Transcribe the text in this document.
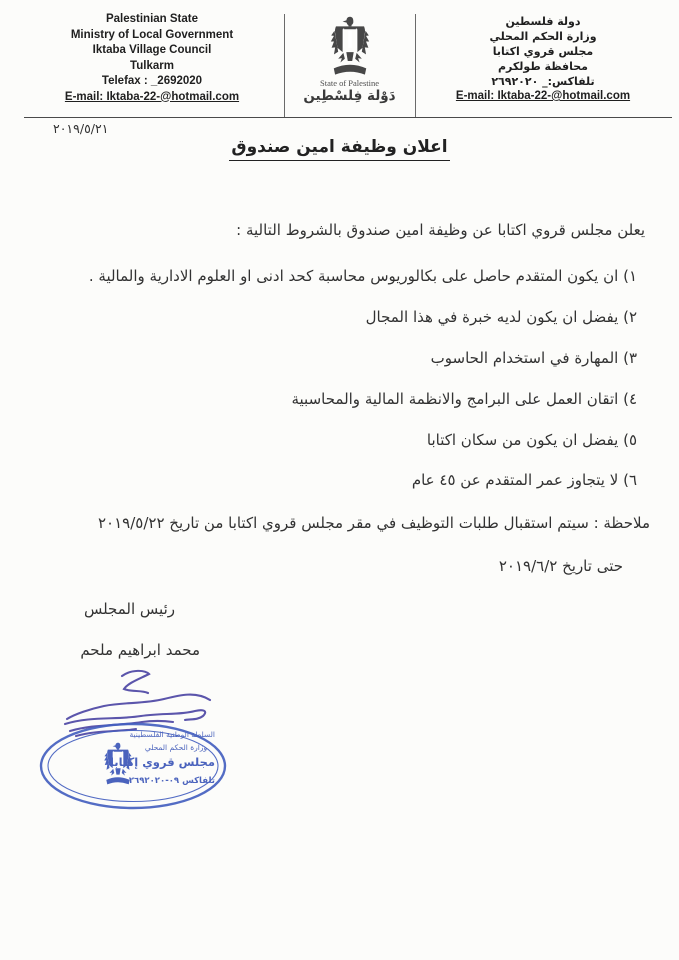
Palestinian State
Ministry of Local Government
Iktaba Village Council
Tulkarm
Telefax : _2692020
E-mail: Iktaba-22-@hotmail.com
State of Palestine
دَوْلة فِلسْطِين
دولة فلسطين
وزارة الحكم المحلي
مجلس قروي اكتابا
محافظة طولكرم
تلفاكس:_ ٢٦٩٢٠٢٠
E-mail: Iktaba-22-@hotmail.com
٢٠١٩/٥/٢١
اعلان وظيفة امين صندوق
يعلن مجلس قروي اكتابا عن وظيفة امين صندوق بالشروط التالية :
١) ان يكون المتقدم حاصل على بكالوريوس محاسبة كحد ادنى او العلوم الادارية والمالية .
٢) يفضل ان يكون لديه خبرة في هذا المجال
٣) المهارة في استخدام الحاسوب
٤) اتقان العمل على البرامج والانظمة المالية والمحاسبية
٥) يفضل ان يكون من سكان اكتابا
٦) لا يتجاوز عمر المتقدم عن ٤٥ عام
ملاحظة : سيتم استقبال طلبات التوظيف في مقر مجلس قروي اكتابا من تاريخ ٢٠١٩/٥/٢٢
حتى تاريخ ٢٠١٩/٦/٢
رئيس المجلس
محمد ابراهيم ملحم
السلطة الوطنية الفلسطينية
وزارة الحكم المحلي
مجلس قروي إكتابا
تلفاكس ٠٩-٢٦٩٢٠٢٠
